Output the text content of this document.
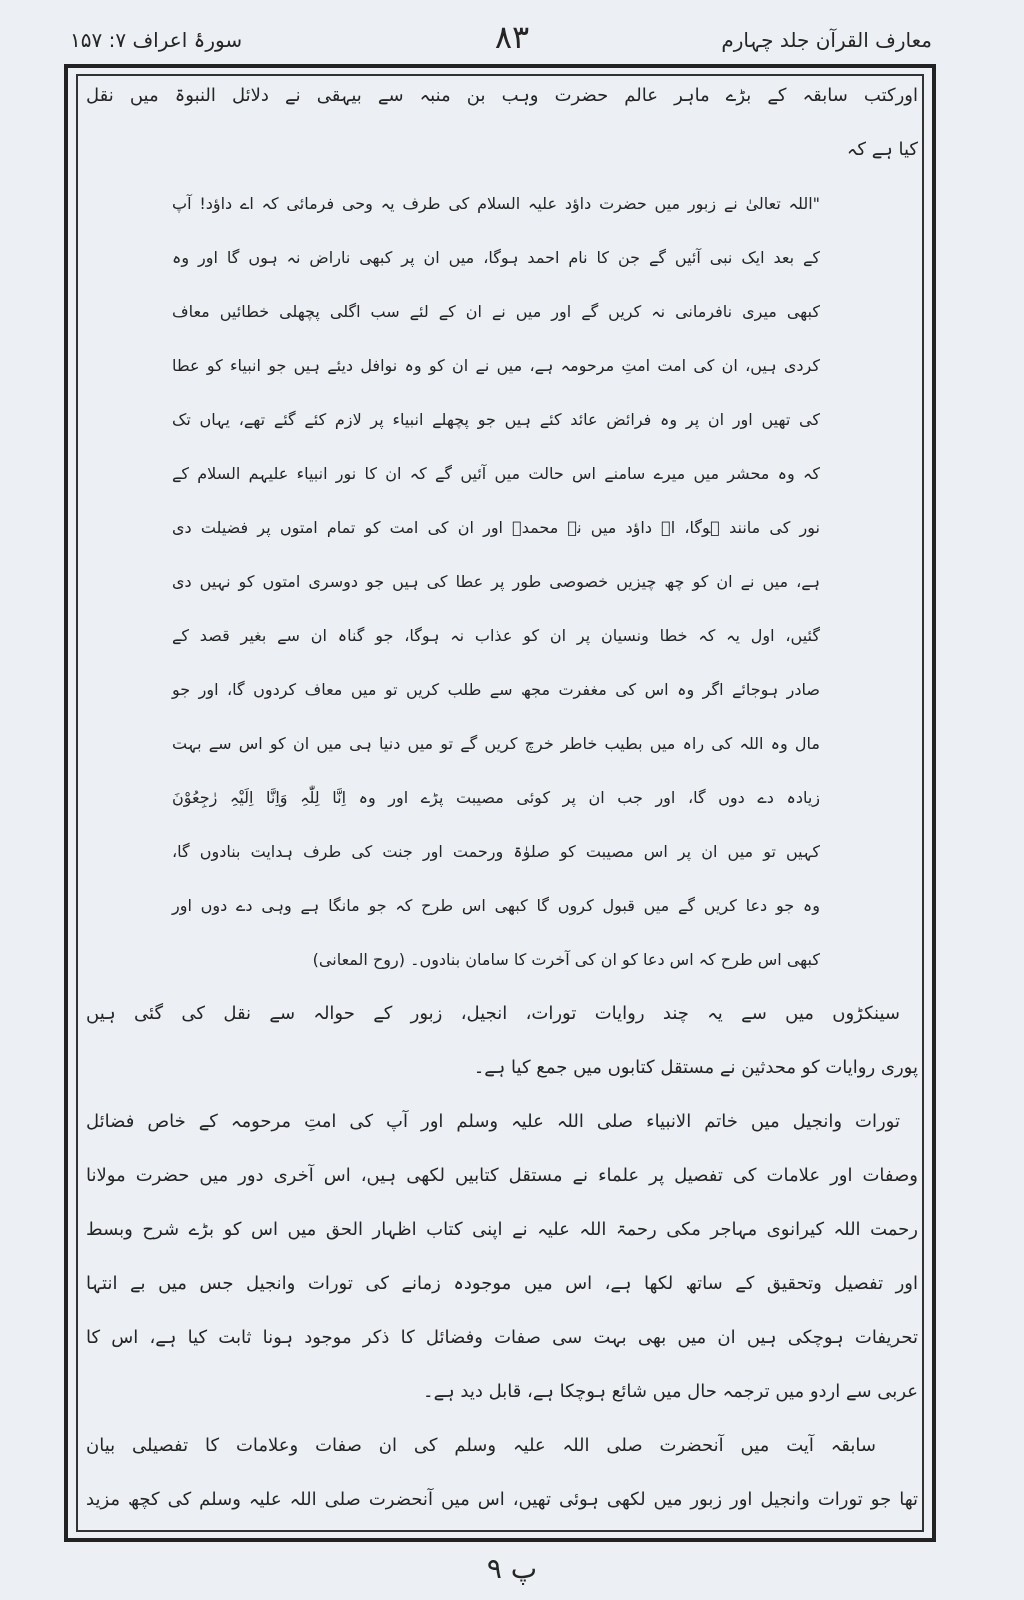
معارف القرآن جلد چہارم
۸۳
سورۂ اعراف ۷: ۱۵۷
اورکتب سابقہ کے بڑے ماہر عالم حضرت وہب بن منبہ سے بیہقی نے دلائل النبوۃ میں نقل
کیا ہے کہ
"اللہ تعالیٰ نے زبور میں حضرت داؤد علیہ السلام کی طرف یہ وحی فرمائی کہ اے داؤد! آپ
کے بعد ایک نبی آئیں گے جن کا نام احمد ہوگا، میں ان پر کبھی ناراض نہ ہوں گا اور وہ
کبھی میری نافرمانی نہ کریں گے اور میں نے ان کے لئے سب اگلی پچھلی خطائیں معاف
کردی ہیں، ان کی امت امتِ مرحومہ ہے، میں نے ان کو وہ نوافل دیئے ہیں جو انبیاء کو عطا
کی تھیں اور ان پر وہ فرائض عائد کئے ہیں جو پچھلے انبیاء پر لازم کئے گئے تھے، یہاں تک
کہ وہ محشر میں میرے سامنے اس حالت میں آئیں گے کہ ان کا نور انبیاء علیہم السلام کے
نور کی مانند ہوگا، اے داؤد میں نے محمدؐ اور ان کی امت کو تمام امتوں پر فضیلت دی
ہے، میں نے ان کو چھ چیزیں خصوصی طور پر عطا کی ہیں جو دوسری امتوں کو نہیں دی
گئیں، اول یہ کہ خطا ونسیان پر ان کو عذاب نہ ہوگا، جو گناہ ان سے بغیر قصد کے
صادر ہوجائے اگر وہ اس کی مغفرت مجھ سے طلب کریں تو میں معاف کردوں گا، اور جو
مال وہ اللہ کی راہ میں بطیب خاطر خرچ کریں گے تو میں دنیا ہی میں ان کو اس سے بہت
زیادہ دے دوں گا، اور جب ان پر کوئی مصیبت پڑے اور وہ اِنَّا لِلّٰہِ وَاِنَّا اِلَیْہِ رٰجِعُوْنَ
کہیں تو میں ان پر اس مصیبت کو صلوٰۃ ورحمت اور جنت کی طرف ہدایت بنادوں گا،
وہ جو دعا کریں گے میں قبول کروں گا کبھی اس طرح کہ جو مانگا ہے وہی دے دوں اور
کبھی اس طرح کہ اس دعا کو ان کی آخرت کا سامان بنادوں۔ (روح المعانی)
سینکڑوں میں سے یہ چند روایات تورات، انجیل، زبور کے حوالہ سے نقل کی گئی ہیں
پوری روایات کو محدثین نے مستقل کتابوں میں جمع کیا ہے۔
تورات وانجیل میں خاتم الانبیاء صلی اللہ علیہ وسلم اور آپ کی امتِ مرحومہ کے خاص فضائل
وصفات اور علامات کی تفصیل پر علماء نے مستقل کتابیں لکھی ہیں، اس آخری دور میں حضرت مولانا
رحمت اللہ کیرانوی مہاجر مکی رحمۃ اللہ علیہ نے اپنی کتاب اظہار الحق میں اس کو بڑے شرح وبسط
اور تفصیل وتحقیق کے ساتھ لکھا ہے، اس میں موجودہ زمانے کی تورات وانجیل جس میں بے انتہا
تحریفات ہوچکی ہیں ان میں بھی بہت سی صفات وفضائل کا ذکر موجود ہونا ثابت کیا ہے، اس کا
عربی سے اردو میں ترجمہ حال میں شائع ہوچکا ہے، قابل دید ہے۔
سابقہ آیت میں آنحضرت صلی اللہ علیہ وسلم کی ان صفات وعلامات کا تفصیلی بیان
تھا جو تورات وانجیل اور زبور میں لکھی ہوئی تھیں، اس میں آنحضرت صلی اللہ علیہ وسلم کی کچھ مزید
پ ۹
